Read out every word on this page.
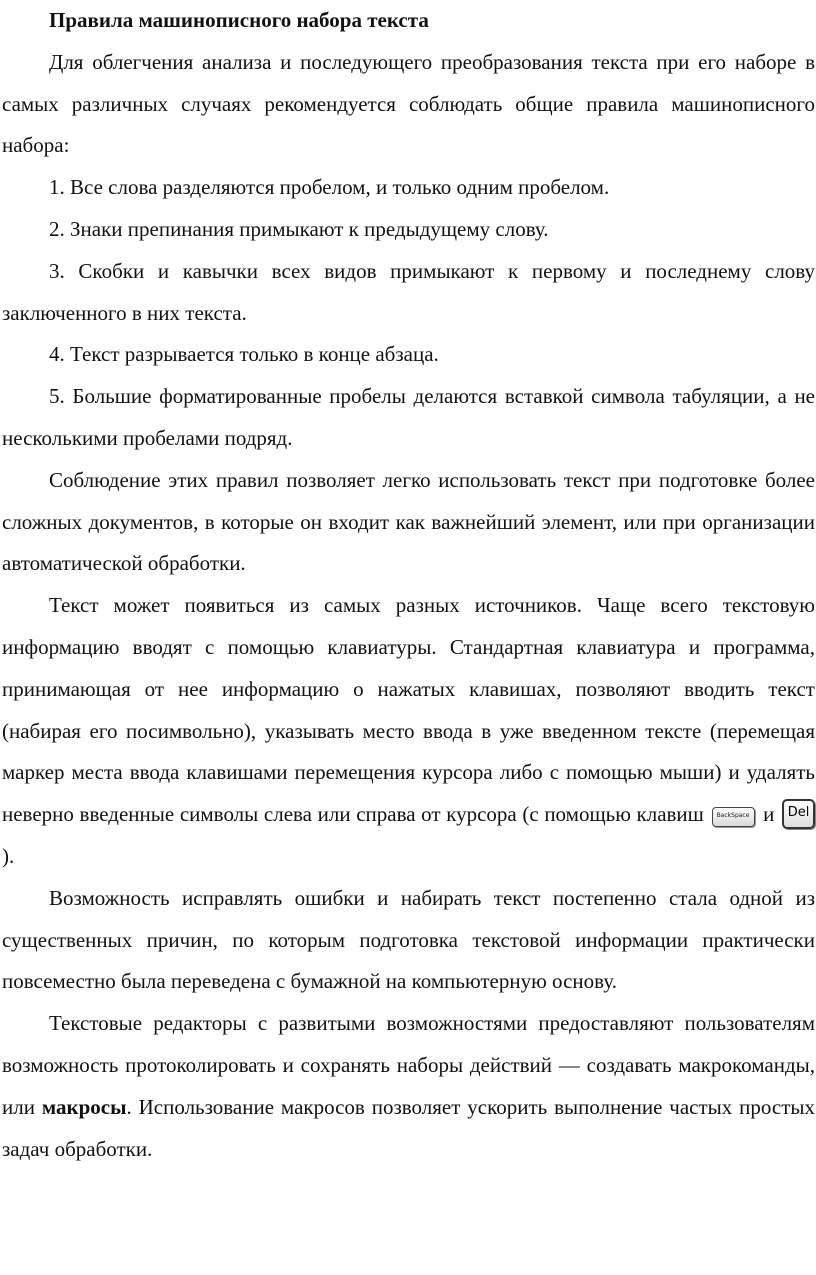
Правила машинописного набора текста

Для облегчения анализа и последующего преобразования текста при его наборе в самых различных случаях рекомендуется соблюдать общие правила машинописного набора:

1. Все слова разделяются пробелом, и только одним пробелом.

2. Знаки препинания примыкают к предыдущему слову.

3. Скобки и кавычки всех видов примыкают к первому и последнему слову заключенного в них текста.

4. Текст разрывается только в конце абзаца.

5. Большие форматированные пробелы делаются вставкой символа табуляции, а не несколькими пробелами подряд.

Соблюдение этих правил позволяет легко использовать текст при подготовке более сложных документов, в которые он входит как важнейший элемент, или при организации автоматической обработки.

Текст может появиться из самых разных источников. Чаще всего текстовую информацию вводят с помощью клавиатуры. Стандартная клавиатура и программа, принимающая от нее информацию о нажатых клавишах, позволяют вводить текст (набирая его посимвольно), указывать место ввода в уже введенном тексте (перемещая маркер места ввода клавишами перемещения курсора либо с помощью мыши) и удалять неверно введенные символы слева или справа от курсора (с помощью клавиш BackSpace и Del).

Возможность исправлять ошибки и набирать текст постепенно стала одной из существенных причин, по которым подготовка текстовой информации практически повсеместно была переведена с бумажной на компьютерную основу.

Текстовые редакторы с развитыми возможностями предоставляют пользователям возможность протоколировать и сохранять наборы действий — создавать макрокоманды, или макросы. Использование макросов позволяет ускорить выполнение частых простых задач обработки.
